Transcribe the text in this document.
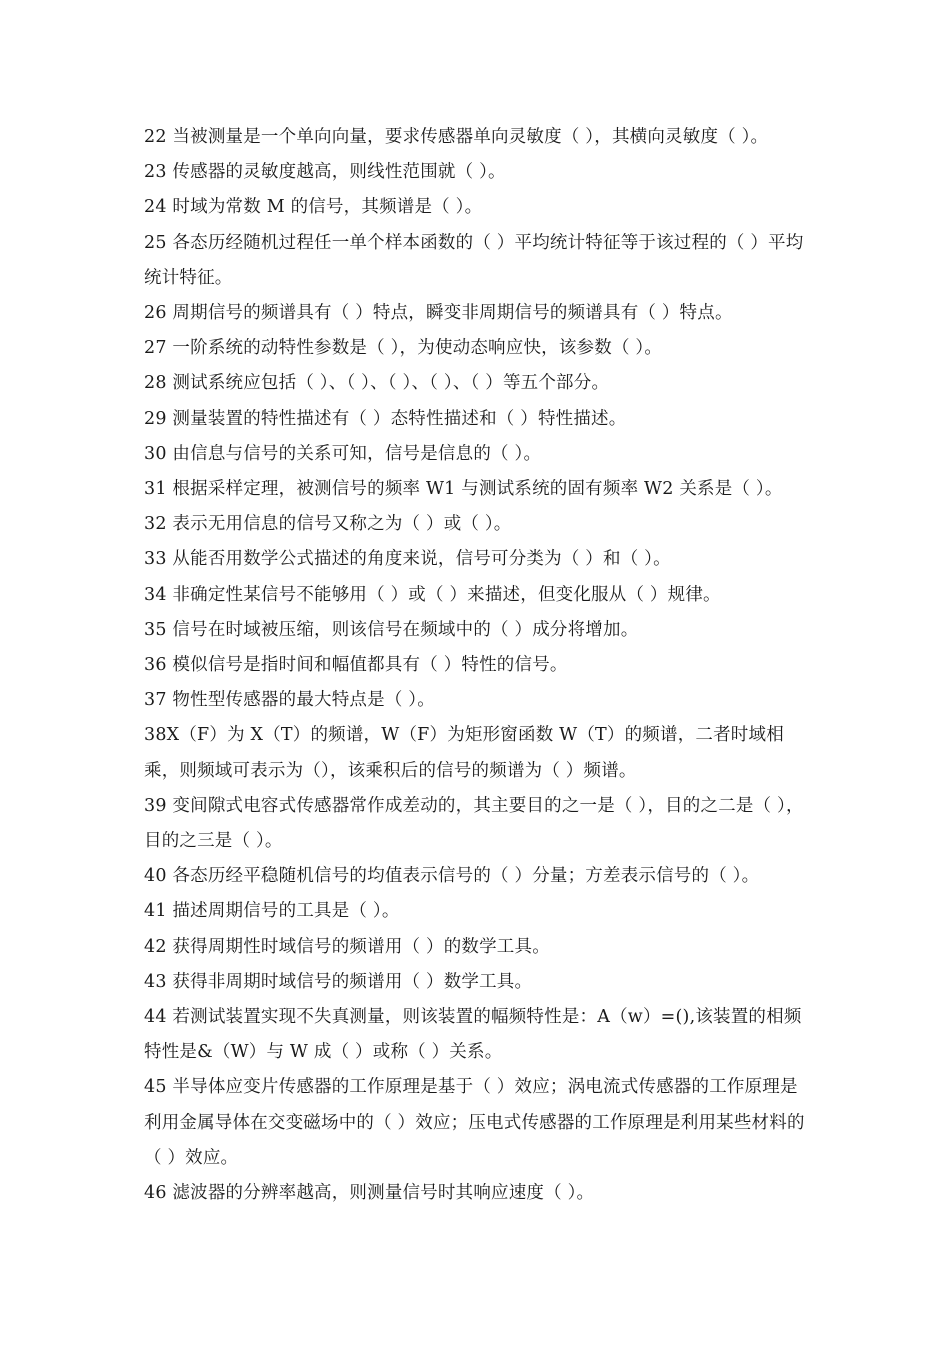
22 当被测量是一个单向向量，要求传感器单向灵敏度（ ），其横向灵敏度（ ）。

23 传感器的灵敏度越高，则线性范围就（ ）。

24 时域为常数 M 的信号，其频谱是（ ）。

25 各态历经随机过程任一单个样本函数的（ ）平均统计特征等于该过程的（ ）平均统计特征。

26 周期信号的频谱具有（ ）特点，瞬变非周期信号的频谱具有（ ）特点。

27 一阶系统的动特性参数是（ ），为使动态响应快，该参数（ ）。

28 测试系统应包括（ ）、（ ）、（ ）、（ ）、（ ）等五个部分。

29 测量装置的特性描述有（ ）态特性描述和（ ）特性描述。

30 由信息与信号的关系可知，信号是信息的（ ）。

31 根据采样定理，被测信号的频率 W1 与测试系统的固有频率 W2 关系是（ ）。

32 表示无用信息的信号又称之为（ ）或（ ）。

33 从能否用数学公式描述的角度来说，信号可分类为（ ）和（ ）。

34 非确定性某信号不能够用（ ）或（ ）来描述，但变化服从（ ）规律。

35 信号在时域被压缩，则该信号在频域中的（ ）成分将增加。

36 模似信号是指时间和幅值都具有（ ）特性的信号。

37 物性型传感器的最大特点是（ ）。

38X（F）为 X（T）的频谱，W（F）为矩形窗函数 W（T）的频谱，二者时域相乘，则频域可表示为（），该乘积后的信号的频谱为（ ）频谱。

39 变间隙式电容式传感器常作成差动的，其主要目的之一是（ ），目的之二是（ ），目的之三是（ ）。

40 各态历经平稳随机信号的均值表示信号的（ ）分量；方差表示信号的（ ）。

41 描述周期信号的工具是（ ）。

42 获得周期性时域信号的频谱用（ ）的数学工具。

43 获得非周期时域信号的频谱用（ ）数学工具。

44 若测试装置实现不失真测量，则该装置的幅频特性是：A（w）=(),该装置的相频特性是&（W）与 W 成（ ）或称（ ）关系。

45 半导体应变片传感器的工作原理是基于（ ）效应；涡电流式传感器的工作原理是利用金属导体在交变磁场中的（ ）效应；压电式传感器的工作原理是利用某些材料的（ ）效应。

46 滤波器的分辨率越高，则测量信号时其响应速度（ ）。
